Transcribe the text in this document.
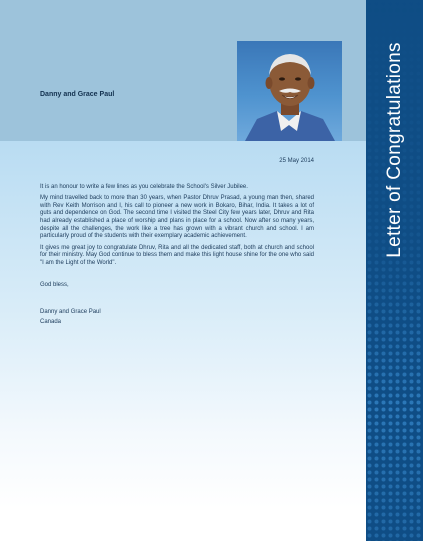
Danny and Grace Paul	Letter of Congratulations
25 May 2014

It is an honour to write a few lines as you celebrate the School's Silver Jubilee.

My mind travelled back to more than 30 years, when Pastor Dhruv Prasad, a young man then, shared with Rev Keith Morrison and I, his call to pioneer a new work in Bokaro, Bihar, India. It takes a lot of guts and dependence on God. The second time I visited the Steel City few years later, Dhruv and Rita had already established a place of worship and plans in place for a school. Now after so many years, despite all the challenges, the work like a tree has grown with a vibrant church and school. I am particularly proud of the students with their exemplary academic achievement.

It gives me great joy to congratulate Dhruv, Rita and all the dedicated staff, both at church and school for their ministry. May God continue to bless them and make this light house shine for the one who said "I am the Light of the World".

God bless,
Danny and Grace Paul
Canada
